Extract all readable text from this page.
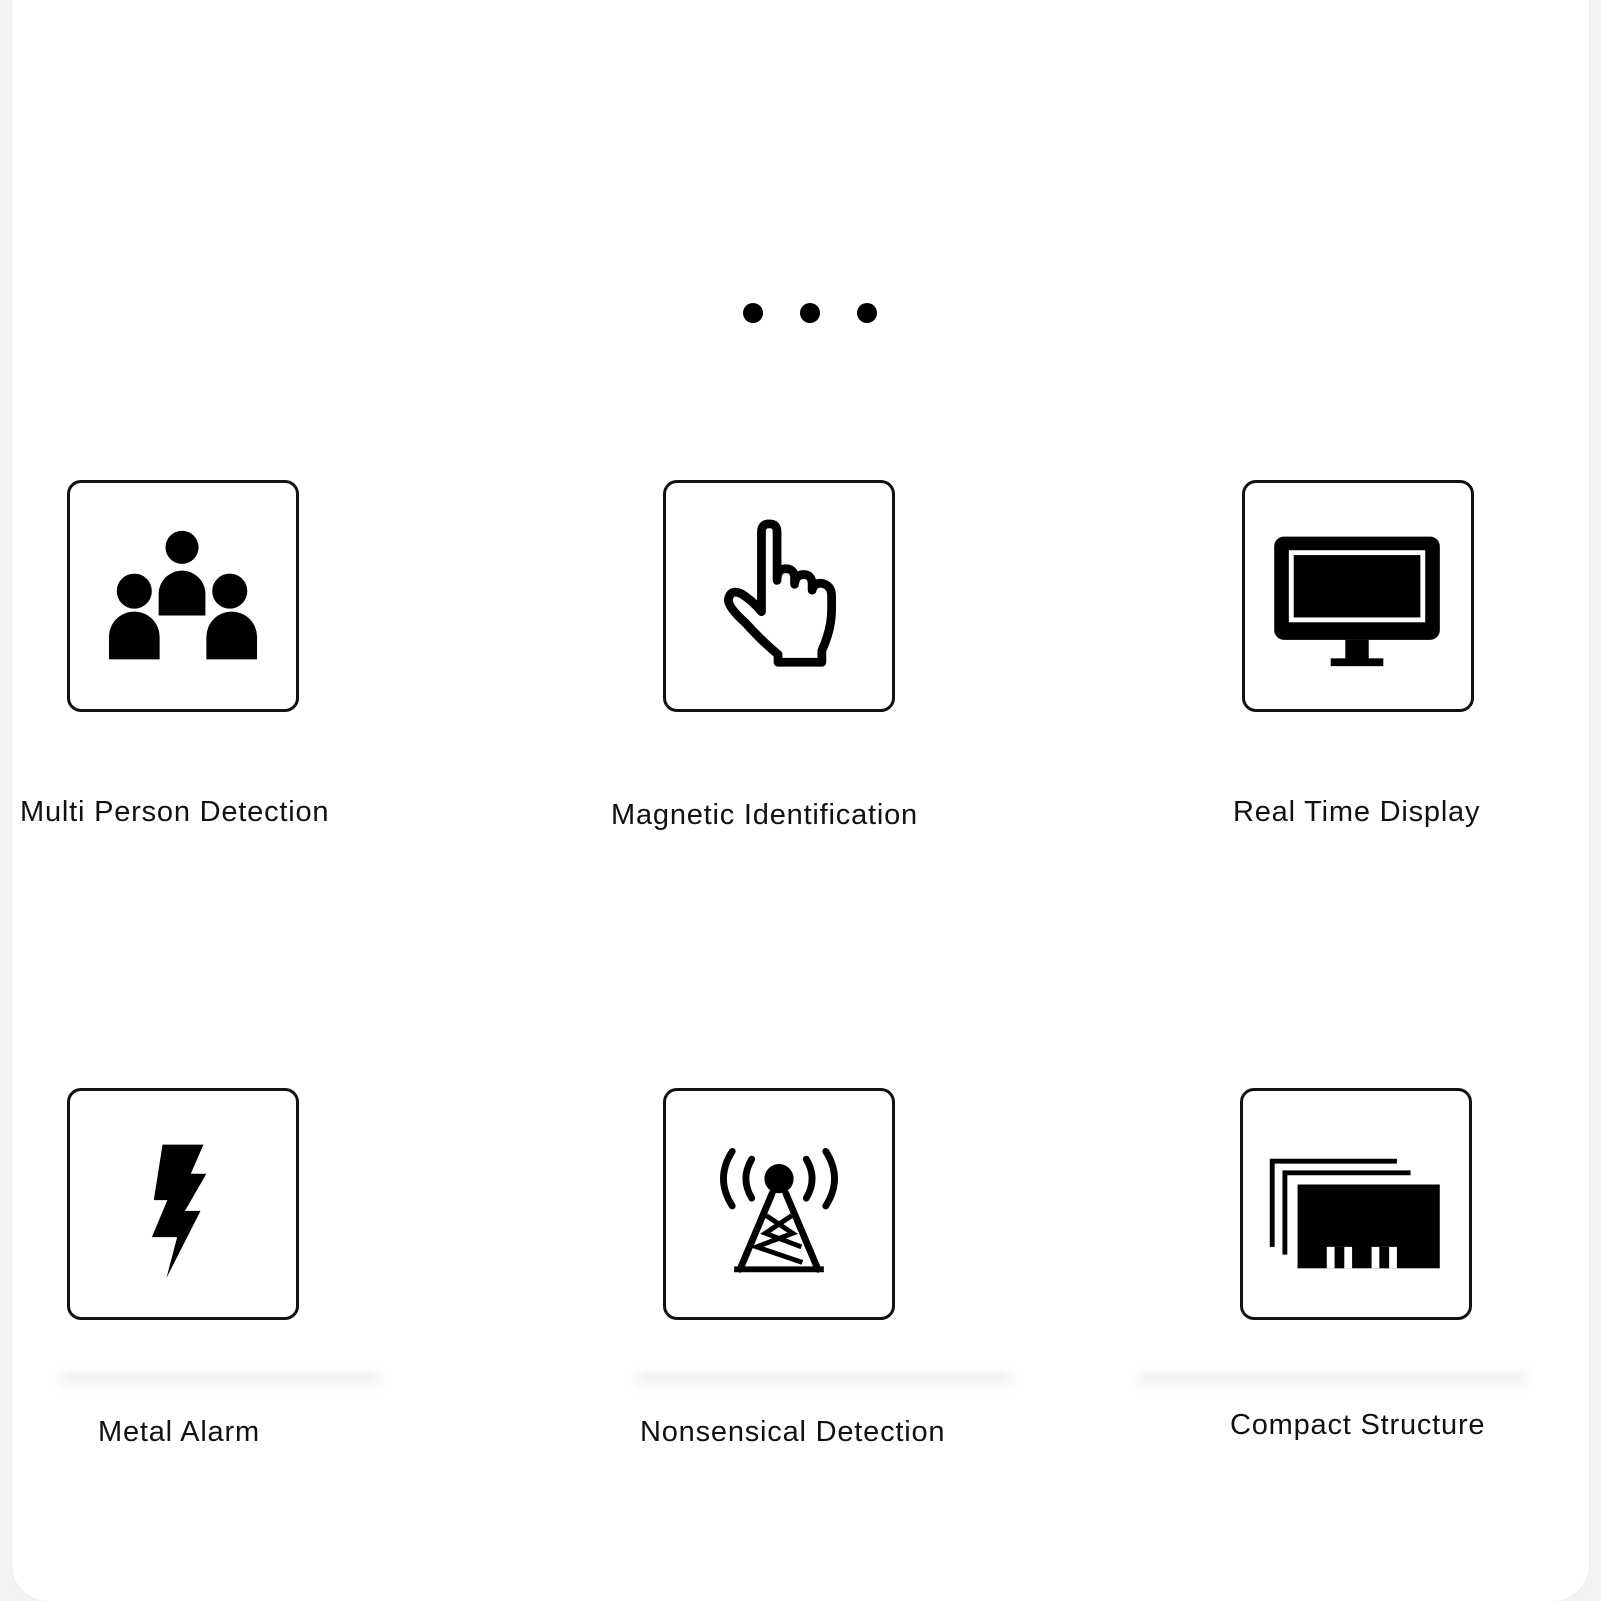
Multi Person Detection	Magnetic Identification	Real Time Display
Metal Alarm	Nonsensical Detection	Compact Structure
